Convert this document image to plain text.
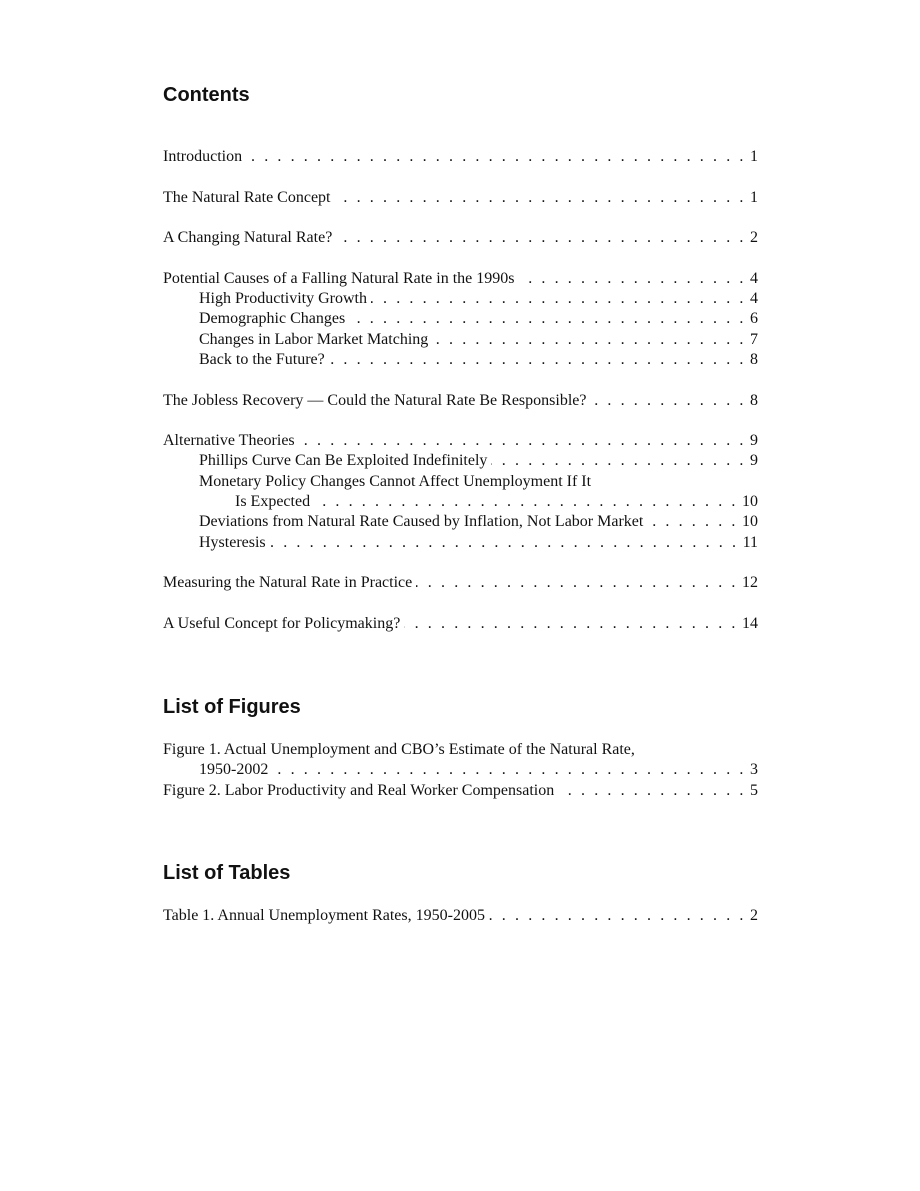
Contents
Introduction . . .	1
The Natural Rate Concept . . .	1
A Changing Natural Rate? . . .	2
Potential Causes of a Falling Natural Rate in the 1990s . . .	4
High Productivity Growth . . .	4
Demographic Changes . . .	6
Changes in Labor Market Matching . . .	7
Back to the Future? . . .	8
The Jobless Recovery — Could the Natural Rate Be Responsible? . . .	8
Alternative Theories . . .	9
Phillips Curve Can Be Exploited Indefinitely . . .	9
Monetary Policy Changes Cannot Affect Unemployment If It
Is Expected . . .	10
Deviations from Natural Rate Caused by Inflation, Not Labor Market . . .	10
Hysteresis . . .	11
Measuring the Natural Rate in Practice . . .	12
A Useful Concept for Policymaking? . . .	14
List of Figures
Figure 1. Actual Unemployment and CBO’s Estimate of the Natural Rate,
1950-2002 . . .	3
Figure 2. Labor Productivity and Real Worker Compensation . . .	5
List of Tables
Table 1. Annual Unemployment Rates, 1950-2005 . . .	2
